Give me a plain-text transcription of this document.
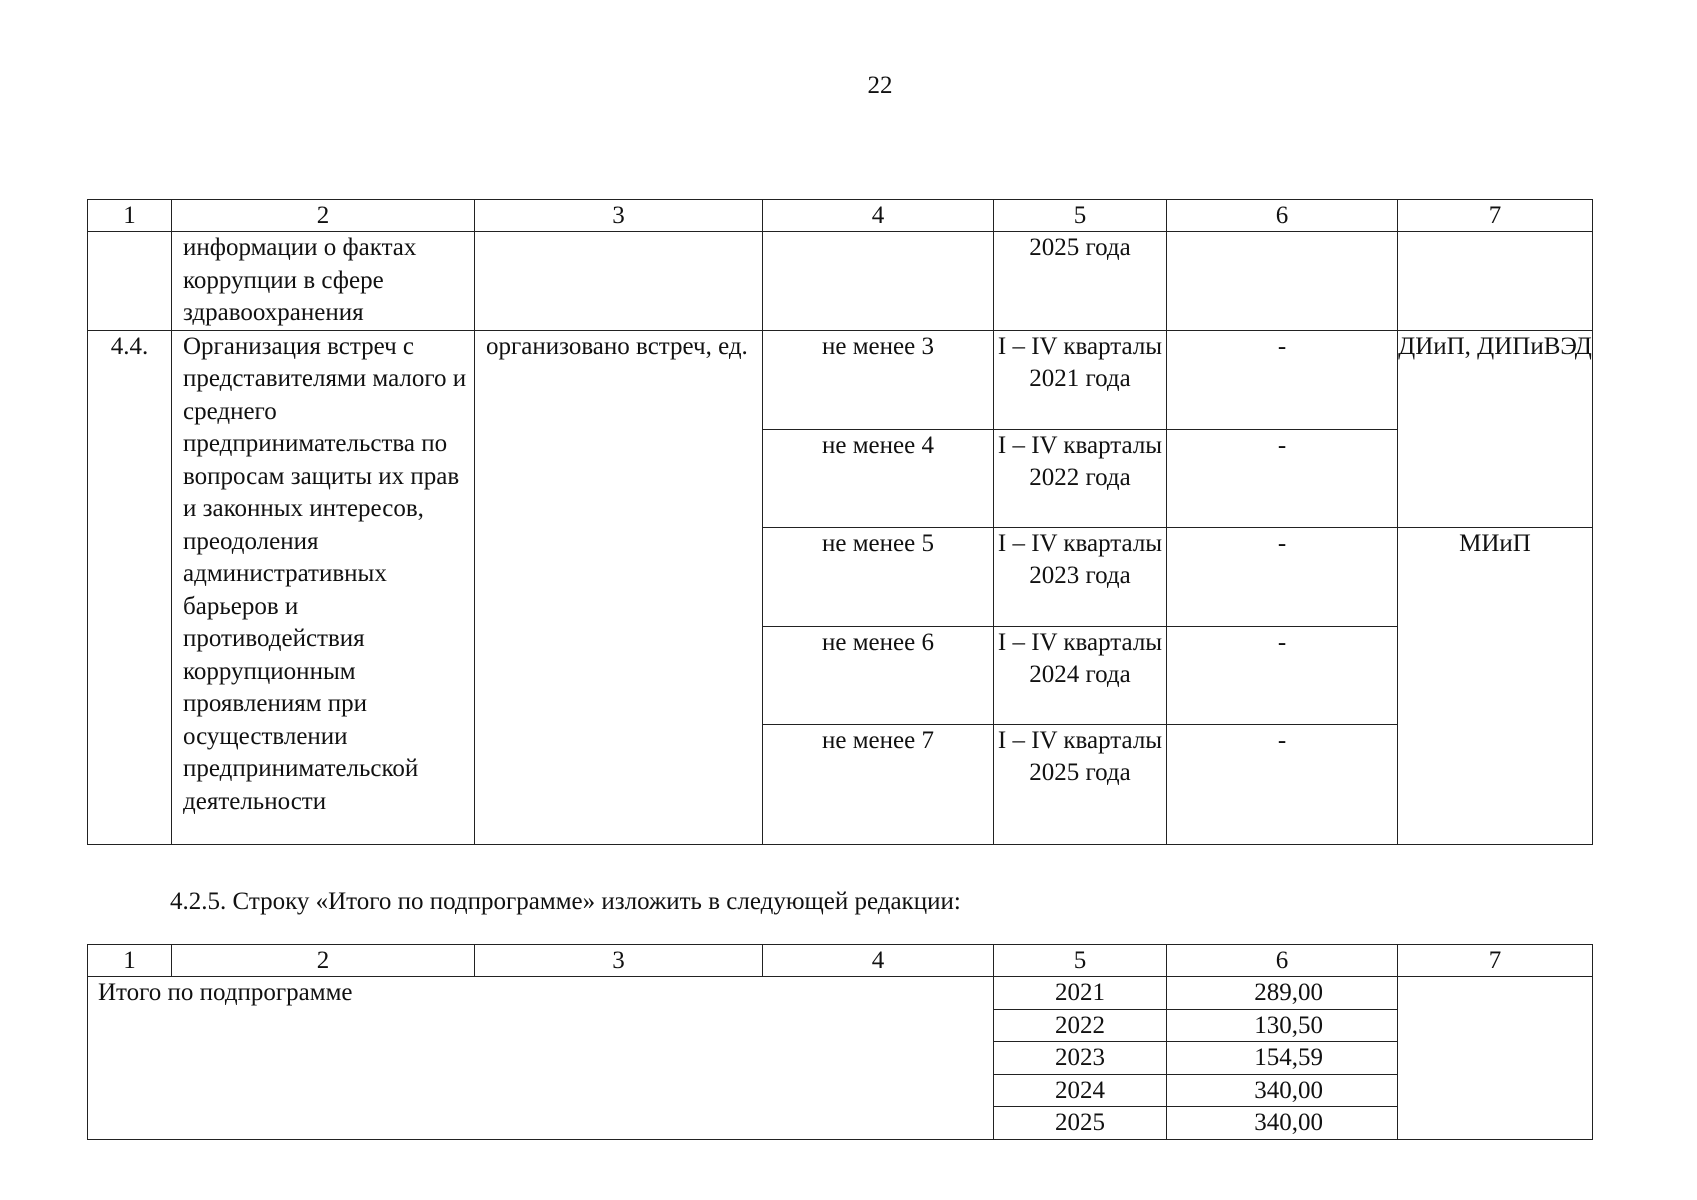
22
1	2	3	4	5	6	7
	информации о фактах коррупции в сфере здравоохранения			2025 года		
4.4.	Организация встреч с представителями малого и среднего предпринимательства по вопросам защиты их прав и законных интересов, преодоления административных барьеров и противодействия коррупционным проявлениям при осуществлении предпринимательской деятельности	организовано встреч, ед.	не менее 3	I – IV кварталы 2021 года	-	ДИиП, ДИПиВЭД
			не менее 4	I – IV кварталы 2022 года	-	
			не менее 5	I – IV кварталы 2023 года	-	МИиП
			не менее 6	I – IV кварталы 2024 года	-	
			не менее 7	I – IV кварталы 2025 года	-	
4.2.5. Строку «Итого по подпрограмме» изложить в следующей редакции:
1	2	3	4	5	6	7
Итого по подпрограмме				2021	289,00	
				2022	130,50	
				2023	154,59	
				2024	340,00	
				2025	340,00	
